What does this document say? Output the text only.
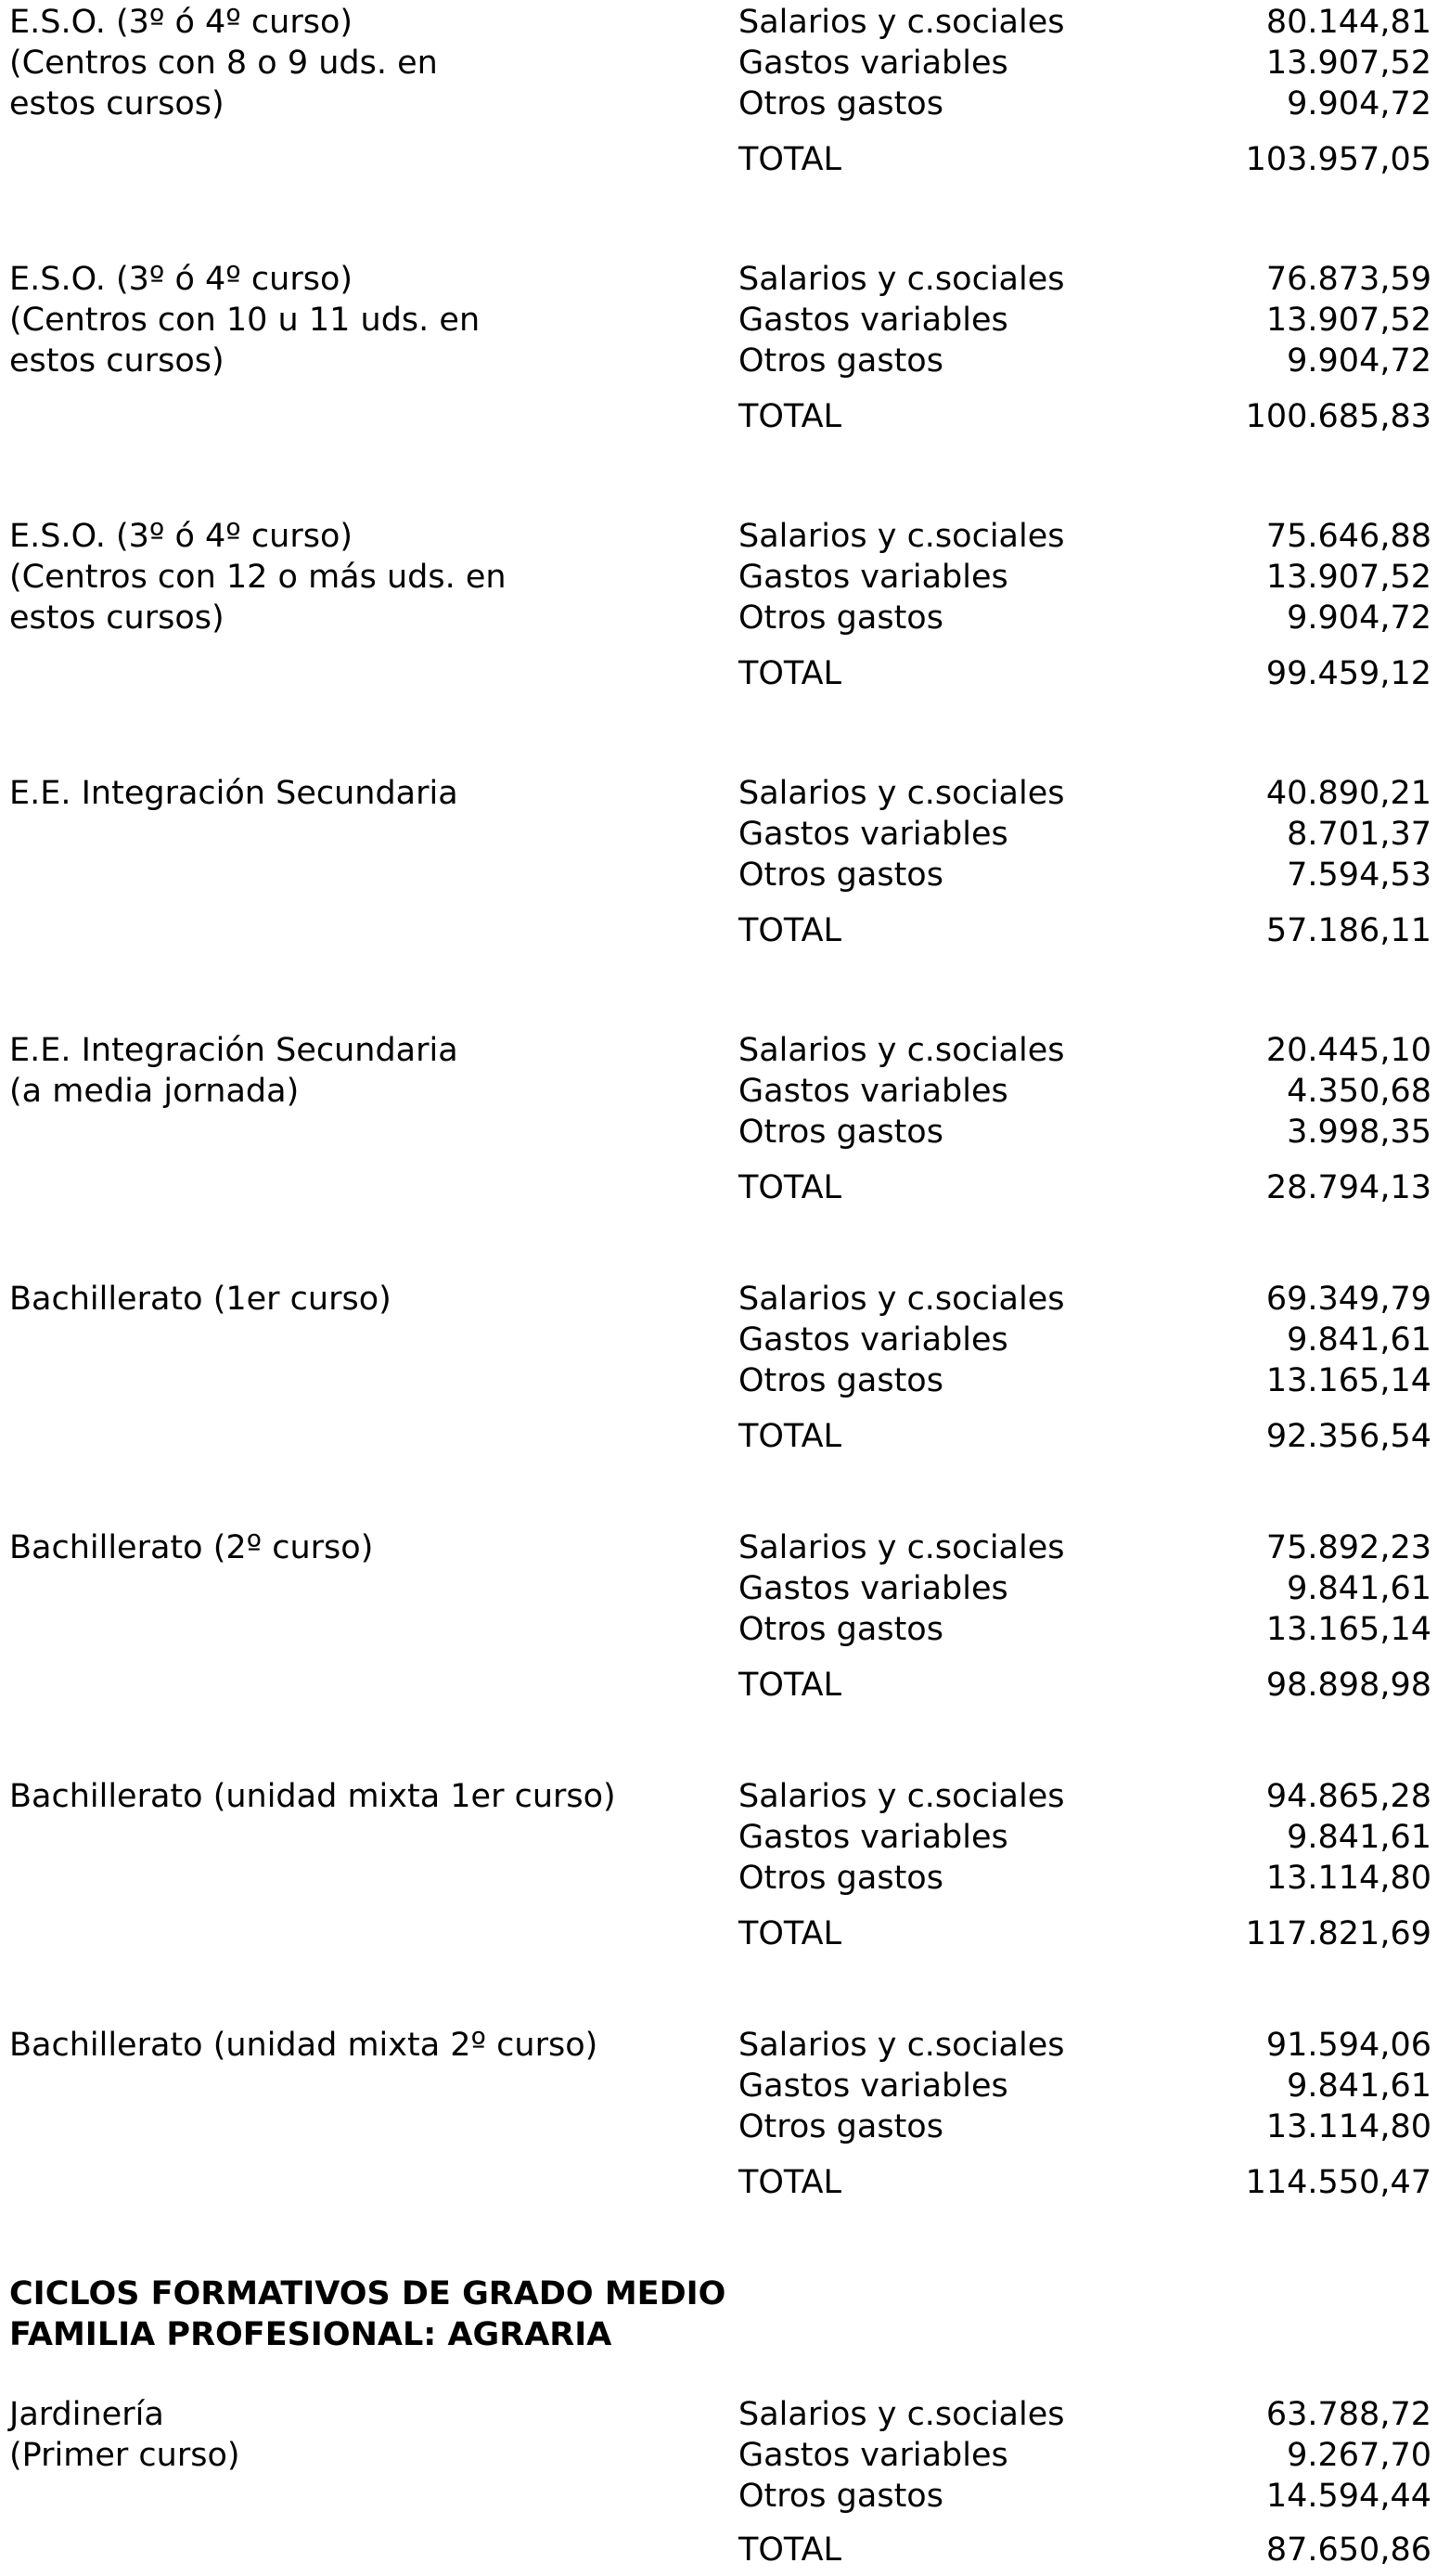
E.S.O. (3º ó 4º curso)
(Centros con 8 o 9 uds. en
estos cursos)
Salarios y c.sociales	80.144,81
Gastos variables	13.907,52
Otros gastos	9.904,72
TOTAL	103.957,05
E.S.O. (3º ó 4º curso)
(Centros con 10 u 11 uds. en
estos cursos)
Salarios y c.sociales	76.873,59
Gastos variables	13.907,52
Otros gastos	9.904,72
TOTAL	100.685,83
E.S.O. (3º ó 4º curso)
(Centros con 12 o más uds. en
estos cursos)
Salarios y c.sociales	75.646,88
Gastos variables	13.907,52
Otros gastos	9.904,72
TOTAL	99.459,12
E.E. Integración Secundaria	Salarios y c.sociales	40.890,21
Gastos variables	8.701,37
Otros gastos	7.594,53
TOTAL	57.186,11
E.E. Integración Secundaria
(a media jornada)
Salarios y c.sociales	20.445,10
Gastos variables	4.350,68
Otros gastos	3.998,35
TOTAL	28.794,13
Bachillerato (1er curso)	Salarios y c.sociales	69.349,79
Gastos variables	9.841,61
Otros gastos	13.165,14
TOTAL	92.356,54
Bachillerato (2º curso)	Salarios y c.sociales	75.892,23
Gastos variables	9.841,61
Otros gastos	13.165,14
TOTAL	98.898,98
Bachillerato (unidad mixta 1er curso)	Salarios y c.sociales	94.865,28
Gastos variables	9.841,61
Otros gastos	13.114,80
TOTAL	117.821,69
Bachillerato (unidad mixta 2º curso)	Salarios y c.sociales	91.594,06
Gastos variables	9.841,61
Otros gastos	13.114,80
TOTAL	114.550,47
CICLOS FORMATIVOS DE GRADO MEDIO
FAMILIA PROFESIONAL: AGRARIA
Jardinería
(Primer curso)
Salarios y c.sociales	63.788,72
Gastos variables	9.267,70
Otros gastos	14.594,44
TOTAL	87.650,86
